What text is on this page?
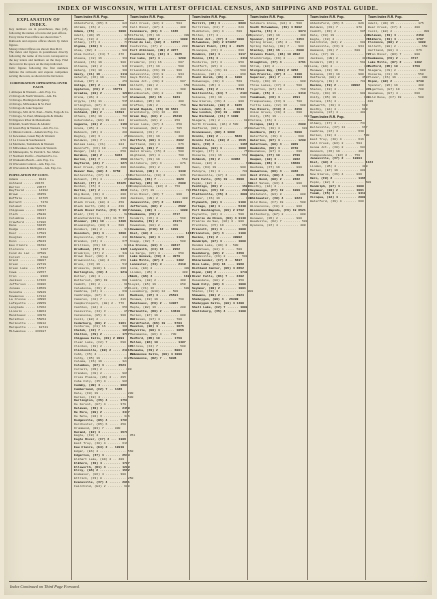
INDEX OF WISCONSIN, WITH LATEST OFFICIAL CENSUS, AND SHIPPING AND POSTAL GUIDE.
EXPLANATION OF INDEX.
Key numbers are in parentheses, thus (18), following the names of towns and post offices.
Every Order Post-Office are shown thus *.
Railroads and express offices shown by index figures.
Money Order Offices are shown thus M.O.
The index and figures in parentheses directly following the name of the town correspond to the key letters and numbers on the map. Find the town in the space on the map indicated.
Italic figures following the first numbers indicate the railroads and express companies serving the town, as shown in the list below.
CORPORATION OPERATING OVER EACH.
1 Ahnapee & Western—Am. Exp. Co.
2 Chicago & North Western—Am. Ex.
3 Chicago, Burlington & Quincy
4 Chicago, Milwaukee & St. Paul
5 Chicago & Lake Superior
6 Chicago, Mil. & St. Paul—Wells, Fargo & Co.
7 Chicago, St. Paul, Minneapolis & Omaha
8 Chippewa River & Menomonie
9 Duluth, South Shore & Atlantic
10 Green Bay & Western—Am. Ex. Co.
11 Illinois Central—American Exp. Co.
12 Kewaunee, Green Bay & Western
13 La Crosse & Southeastern
14 Marinette, Tomahawk & Western
15 Milwaukee, Lake Shore & Western
16 Minneapolis, St. Paul & S. Ste. Marie
17 Northern Pacific—Northern Ex. Co.
18 Waukesha Beach—Am. Exp. Co.
19 Wisconsin Central—Am. Exp. Co.
20 Wisconsin & Michigan—Am. Exp. Co.
POPULATION BY COUN-
Adams ......... 9141
Ashland ..... 20176
Barron ....... 23677
Bayfield ...... 14392
Brown ........ 46359
Buffalo ....... 16765
Burnett ........ 7478
Calumet ...... 17078
Chippewa ..... 33037
Clark ........ 25848
Columbia ..... 31121
Crawford ..... 17286
Dane ......... 69435
Dodge ........ 46631
Door ......... 17583
Douglas ...... 36335
Dunn ......... 25043
Eau Claire ... 31692
Florence ....... 3197
Fond du Lac .. 47589
Forest ......... 6782
Grant ........ 39007
Green ........ 22719
Green Lake ... 15797
Iowa ......... 22657
Iron ........... 8306
Jackson ...... 17466
Jefferson .... 34306
Juneau ....... 19569
Kenosha ...... 32929
Kewaunee ..... 17212
La Crosse .... 43996
Lafayette .... 20959
Langlade ..... 17062
Lincoln ...... 19064
Manitowoc .... 44978
Marathon ..... 55054
Marinette .... 33812
Marquette ..... 10741
Milwaukee ... 433187
Town Index R.R. Pop.
Abbotsford, (D5) 6 ...... 829
Abrams, (F6) 2 .......... 150
Adams, (F6) ........... 1000
Adell, (H9) 15 ........... 175
Afton, (I8) 2 ............ 160
Albany, (I7) 4 ........... 737
Algoma, (E10) 1 ........ 2017
Alma, (D2) 4 ............ 980
Alma Center, (F4) 7 ... 476
Almena, (C2) 16 ......... 360
Almond, (F6) 19 ........ 380
Altoona, (E3) 2 ......... 949
Amberg, (C9) 10 ......... 300
Amery, (C1) 16 ......... 1118
Amherst, (F6) 19 ....... 562
Aniwa, (D7) 2 ........... 250
Antigo, (D7) 2 ........ 7196
Appleton, (F8) 2 ... 16773
Arcadia, (E3) 2 ......... 1200
Arena, (H6) 4 ........... 325
Argyle, (I6) 11 ......... 535
Arlington, (H7) 4 ....... 400
Ashippun, (H8) 4 ....... 200
Ashland, (B4) 2 ..... 11594
Athens, (D6) 19 ......... 796
Auburndale, (E6) 19 ... 424
Augusta, (E3) 2 ........ 1169
Avoca, (H5) 4 ........... 514
Babcock, (E5) 4 ......... 200
Bagley, (H3) 3 ........... 250
Baldwin, (D1) 7 ........ 878
Balsam Lake, (C1) ..... 224
Bancroft, (F6) 19 ....... 250
Bangor, (G4) 4 ......... 650
Baraboo, (G6) 2 ..... 6324
Barron, (C2) 7 ......... 1599
Bayfield, (A4) 7 ....... 1273
Bear Creek, (F7) 4 ..... 400
Beaver Dam, (G8) 4 . 6758
Belleville, (I7) 11 ....... 667
Belmont, (I5) 4 .......... 250
Beloit, (I7) 2 ....... 15125
Benton, (I5) 4 ............ 930
Berlin, (G7) 2 ......... 4636
Big Bend, (I8) 4 ....... 200
Birchwood, (C3) 16 ..... 400
Black Creek, (E8) 2 ... 450
Black Earth, (H6) 4 ... 430
Black River Falls, (F4) 7 1917
Blair, (F3) 8 ............ 626
Blanchardville, (I6) 11 557
Bloomer, (D3) 19 ...... 1406
Bloomington, (H4) 3 ... 600
Bonduel, (E8) 2 .......... 341
Boscobel, (H4) 4 ...... 1608
Boyceville, (D2) 7 ...... 411
Brandon, (G7) 4 ......... 675
Brillion, (F9) 19 ........ 948
Brodhead, (I7) 4 ....... 1426
Brooklyn, (I7) 2 ........ 342
Brown Deer, (H9) 4 .... 200
Brownsville, (G8) 4 .... 250
Bruce, (C3) 16 .......... 516
Brussels, (E10) 1 ...... 200
Burlington, (I8) 4 ..... 3212
Butler, (H9) 4 ............. 250
Butternut, (B5) 19 ...... 600
Cadott, (D3) 2 ........... 605
Caledonia, (I9) 2 ........ 150
Cambria, (G7) 4 ......... 630
Cambridge, (H7) 4 ..... 420
Cameron, (C2) 7 ........ 416
Campbellsport, (G8) 2 . 776
Cashton, (G4) 4 ......... 659
Cassville, (I4) 3 ........ 857
Cazenovia, (G5) 4 ...... 300
Cecil, (E8) 2 ............... 300
Cedarburg, (H9) 2 ..... 1361
Centuria, (C1) 16 ....... 300
Chetek, (C2) 7 .......... 1053
Chilton, (F9) 2 ......... 1717
Chippewa Falls, (D3) 2 8893
Clear Lake, (C2) 7 ..... 690
Clinton, (I8) 2 ............ 937
Clintonville, (E8) 2 .... 2101
Cobb, (I5) 4 ................ 288
Colby, (D5) 19 ........... 842
Coloma, (F6) 19 ......... 324
Columbus, (H7) 4 ...... 2523
Cornell, (D3) 2 ........... 400
Crandon, (C8) 2 ......... 986
Cross Plains, (H6) 4 ... 495
Cuba City, (I5) 4 ....... 906
Cudahy, (H9) 4 ......... 3691
Cumberland, (C2) 7 .. 1445
Dale, (F8) 19 .............. 200
Darien, (I8) 4 ............. 500
Darlington, (I5) 4 ..... 1759
De Forest, (H7) 4 ...... 379
Delavan, (I8) 4 ......... 2450
De Pere, (E9) 2 ......... 4477
De Soto, (G3) 3 .......... 376
Dodgeville, (H5) 4 ..... 1791
Dorchester, (D5) 6 ..... 450
Drummond, (B3) 7 .... 800
Durand, (E2) 4 ......... 1579
Eagle, (I8) 4 ............... 351
Eagle River, (C7) 2 ... 1386
East Troy, (I8) 4 ....... 616
Eau Claire, (E3) 2 .. 18310
Edgar, (E6) 4 .............. 560
Edgerton, (I7) 4 ........ 2513
Elkhart Lake, (G9) 4 .. 400
Elkhorn, (I8) 4 ......... 1707
Ellsworth, (D1) 4 ....... 1208
Elroy, (G5) 2 ........... 1562
Endeavor, (G6) 4 ....... 300
Ettrick, (F3) 8 ............ 250
Evansville, (I7) 4 ...... 2061
Fairchild, (E4) 2 ........ 600
Town Index R.R. Pop.
Fall Creek, (E3) 2 ..... 504
Fall River, (H7) 4 ....... 400
Fennimore, (H4) 4 ... 1165
Fifield, (C5) 19 ........... 300
Florence, (B8) 2 ......... 1000
Fond du Lac, (G8) 2 . 18797
Footville, (I7) 2 ......... 200
Fort Atkinson, (H8) 2 3877
Fountain City, (E2) 4 . 1025
Fox Lake, (G7) 4 ........ 1200
Frederic, (C1) 16 ....... 607
Fremont, (F7) 19 ........ 500
Friendship, (F6) 19 .... 300
Galesville, (F3) 8 ...... 934
Gays Mills, (H4) 4 ..... 450
Genoa Jct., (I8) 2 ....... 687
Gillett, (E8) 2 ............ 650
Gilman, (D4) 16 .......... 300
Glenbeulah, (G9) 2 ..... 300
Glenwood, (D2) 16 .... 1023
Glidden, (B5) 19 ........ 400
Grafton, (H9) 2 .......... 759
Grand Rapids, (F6) 19 6521
Grantsburg, (C1) 16 .. 800
Green Bay, (E9) 2 .... 25236
Greenbush, (G9) 2 ..... 250
Green Lake, (G7) 4 ..... 650
Greenwood, (E4) 2 ...... 785
Hammond, (D1) 7 ....... 600
Hancock, (F6) 19 ........ 400
Hartford, (H8) 4 ....... 2982
Hartland, (H8) 4 ........ 676
Hayward, (B3) 7 ........ 2000
Hazel Green, (I5) 4 ..... 500
Highland, (H5) 4 ........ 700
Hilbert, (F9) 19 .......... 550
Hillsboro, (G5) 4 ........ 876
Holcombe, (D3) 2 ...... 300
Horicon, (H8) 4 ......... 1330
Hortonville, (F8) 2 ...... 936
Hudson, (D1) 7 ......... 3029
Hurley, (B5) 19 ......... 2900
Independence, (E3) 2 .. 750
Iola, (F7) 19 ............... 725
Iron River, (B3) 7 ..... 800
Jackson, (H9) 2 ........... 400
Janesville, (I7) 2 ... 13894
Jefferson, (H8) 2 ....... 2582
Juneau, (H8) 4 ........... 1080
Kaukauna, (F8) 2 ..... 4717
Kendall, (G5) 4 .......... 590
Kenosha, (I9) 2 ...... 21371
Kewaskum, (H8) 2 ..... 469
Kewaunee, (F10) 12 .. 1839
Kiel, (G9) 2 ................ 1124
Kilbourn, (G6) 4 ....... 1120
Knapp, (D2) 7 ............ 500
La Crosse, (G3) 4 ... 30417
Ladysmith, (C4) 16 ... 2352
La Farge, (G5) 4 ........ 650
Lake Geneva, (I8) 4 .. 3079
Lake Mills, (H7) 2 ..... 1402
Lancaster, (I4) 3 ....... 2318
Lena, (E9) 2 ............... 400
Linden, (H5) 4 ............ 400
Lodi, (G6) 4 ............... 1100
Lomira, (G8) 2 ........... 400
Loyal, (E5) 19 ........... 850
Luck, (C1) 16 .............. 600
Luxemburg, (E10) 12 .. 500
Madison, (H7) 4 .... 25531
Manawa, (F8) 19 ......... 760
Manitowoc, (F9) 2 .. 13027
Maple, (B2) 16 ........... 200
Marinette, (D9) 2 ... 14610
Marion, (E7) 19 .......... 800
Markesan, (G7) 4 ....... 700
Marshfield, (E5) 19 ... 5783
Mauston, (G5) 4 ........ 1675
Mayville, (H8) 4 ....... 1855
Mazomanie, (H6) 4 ... 730
Medford, (D5) 19 ...... 1759
Mellen, (B4) 19 ......... 1487
Melrose, (F4) 7 .......... 500
Menasha, (F8) 2 ....... 6081
Menomonee Falls, (H9) 4 1000
Menomonie, (D2) 7 .. 5036
Town Index R.R. Pop.
Merrill, (D6) 4 ........ 8689
Merrillan, (F4) 7 ...... 628
Middleton, (H6) 4 ..... 600
Milton, (I7) 4 ............. 900
Milton Jct., (I7) 4 ... 1000
Milwaukee, (H9) 2 373857
Mineral Point, (I5) 4 . 2925
Minocqua, (C6) 4 ....... 600
Mondovi, (E2) 4 ........ 1317
Monroe, (I6) 4 .......... 4410
Montello, (G7) 4 ....... 850
Montfort, (H5) 4 ........ 600
Monticello, (I6) 11 ..... 500
Mosinee, (E6) 4 ......... 860
Mount Horeb, (H6) 4 .. 1000
Mukwonago, (I8) 4 ..... 560
Muscoda, (H5) 4 ........ 800
Neenah, (F8) 2 ........ 5734
Neillsville, (E4) 7 ..... 2104
Nekoosa, (F6) 19 ........ 900
New Glarus, (I6) 4 ..... 800
New Holstein, (G9) 2 . 1025
New Lisbon, (G5) 4 .... 1040
New London, (F8) 19 . 3000
New Richmond, (C1) 7 1988
Niagara, (C9) 2 ........... 900
North Freedom, (G6) 2 500
Oakfield, (G8) 2 .......... 450
Oconomowoc, (H8) 4 3800
Oconto, (E9) 2 ....... 5629
Oconto Falls, (E9) 2 ... 1535
Omro, (F8) 2 ............ 1366
Onalaska, (G3) 4 ....... 1000
Oregon, (I7) 4 ............ 750
Osceola, (C1) 16 ......... 550
Oshkosh, (F8) 2 .... 33062
Osseo, (E3) 2 .............. 600
Owen, (D4) 19 ........... 900
Palmyra, (I8) 4 .......... 700
Pardeeville, (G7) 4 ..... 800
Park Falls, (C5) 19 ... 2000
Pepin, (E2) 4 ............... 600
Peshtigo, (D9) 2 ......... 1500
Phillips, (C5) 19 ........ 2000
Platteville, (I5) 4 ..... 4000
Plover, (F6) 19 ............ 300
Plymouth, (G9) 4 ....... 3100
Portage, (G6) 4 ........ 5440
Port Washington, (H9) 2 3792
Poynette, (G6) 4 ....... 500
Prairie du Chien, (H3) 4 3149
Prairie du Sac, (G6) 4 . 800
Prentice, (C5) 19 ........ 650
Prescott, (D1) 4 ....... 1000
Princeton, (G7) 4 ...... 1100
Racine, (I9) 2 ...... 38002
Randolph, (G7) 4 ....... 1000
Random Lake, (H9) 2 . 500
Readstown, (G4) 4 ..... 500
Reedsburg, (G5) 2 ..... 2450
Reedsville, (F9) 2 ....... 500
Rhinelander, (C7) 2 .. 5637
Rice Lake, (C3) 16 .... 3968
Richland Center, (H5) 4 2652
Ripon, (G8) 2 ........... 3739
River Falls, (D1) 7 ... 2402
Rosendale, (G8) 2 ...... 350
Sauk City, (G6) 4 ...... 1000
Seymour, (E8) 2 ........ 1091
Sharon, (I8) 4 .............. 800
Shawano, (E8) 2 ....... 2923
Sheboygan, (G9) 4 . 26398
Sheboygan Falls, (G9) 4 1400
Shell Lake, (C2) 7 ...... 1000
Shullsburg, (I5) 4 ..... 1300
Town Index R.R. Pop.
Soldiers Grove, (H4) 4 . 500
South Milwaukee, (I9) 4 6092
Sparta, (F4) 4 .......... 3973
Spencer, (E5) 19 ......... 400
Spooner, (C2) 7 ........ 1453
Spring Green, (H5) 4 .. 700
Spring Valley, (D2) 7 ... 900
Stanley, (D4) 16 ....... 2000
Stevens Point, (E6) 19 8692
Stockbridge, (F9) 2 ..... 400
Stoughton, (I7) 4 ....... 4761
Strum, (E3) 2 .............. 300
Sturgeon Bay, (D10) 2 4262
Sun Prairie, (H7) 4 ... 1100
Superior, (B1) 7 ..... 40384
Thorp, (D4) 16 ........... 900
Three Lakes, (C7) 2 .... 500
Tigerton, (E7) 19 ........ 700
Tomah, (F5) 4 ........... 3419
Tomahawk, (C6) 4 ..... 2291
Trempealeau, (F3) 8 .... 700
Turtle Lake, (C2) 16 ..... 600
Two Rivers, (F10) 2 ... 4850
Union Grove, (I9) 4 .... 600
Unity, (D5) 19 ............. 300
Verona, (I6) 4 ............... 400
Viroqua, (G4) 4 ......... 2000
Walworth, (I8) 4 .......... 600
Washburn, (B4) 7 ...... 5000
Waterford, (I9) 4 ....... 600
Waterloo, (H7) 4 ........ 1200
Watertown, (H8) 4 ... 8829
Waukesha, (H8) 4 .... 8740
Waunakee, (H7) 4 ....... 600
Waupaca, (F7) 19 ..... 2789
Waupun, (G8) 4 ....... 3362
Wausau, (D6) 4 ...... 16560
Wautoma, (F7) 19 ....... 800
Wauwatosa, (H9) 4 ... 3346
West Allis, (H9) 4 ..... 6645
West Bend, (H8) 2 .... 2462
West Salem, (G3) 4 ..... 800
Westby, (G4) 4 ............ 900
Weyauwega, (F7) 19 ... 1000
Whitehall, (E3) 8 ........ 800
Whitewater, (I8) 4 .... 3224
Wild Rose, (F7) 19 ....... 500
Winneconne, (F8) 2 ..... 800
Wisconsin Rapids, (F6) 19 6521
Wittenberg, (E7) 2 ....... 800
Wonewoc, (G5) 2 ........ 900
Woodville, (D2) 7 ......... 500
Wyocena, (G7) 4 .......... 400
Town Index R.R. Pop.
Abbotsford, (D5) 6 ...... 829
Baldwin, (D1) 7 ........ 878
Cadott, (D3) 2 ........... 605
Dale, (F8) 19 .............. 200
Eagle, (I8) 4 ............... 351
Fairchild, (E4) 2 ........ 600
Galesville, (F3) 8 ...... 934
Hammond, (D1) 7 ....... 600
Iola, (F7) 19 ............... 725
Jackson, (H9) 2 ........... 400
Kendall, (G5) 4 .......... 590
Lena, (E9) 2 ............... 400
Manawa, (F8) 19 ......... 760
Nekoosa, (F6) 19 ........ 900
Oakfield, (G8) 2 .......... 450
Palmyra, (I8) 4 .......... 700
Racine, (I9) 2 ...... 38002
Sharon, (I8) 4 .............. 800
Thorp, (D4) 16 ........... 900
Unity, (D5) 19 ............. 300
Verona, (I6) 4 ............... 400
Walworth, (I8) 4 .......... 600
Westby, (G4) 4 ............ 900
Wyocena, (G7) 4 .......... 400
Town Index R.R. Pop.
Albany, (I7) 4 ........... 737
Belleville, (I7) 11 ....... 667
Cambria, (G7) 4 ......... 630
Darien, (I8) 4 ............. 500
East Troy, (I8) 4 ....... 616
Fall Creek, (E3) 2 ..... 504
Genoa Jct., (I8) 2 ....... 687
Hancock, (F6) 19 ........ 400
Independence, (E3) 2 .. 750
Janesville, (I7) 2 ... 13894
Kiel, (G9) 2 ................ 1124
Linden, (H5) 4 ............ 400
Marion, (E7) 19 .......... 800
New Glarus, (I6) 4 ..... 800
Omro, (F8) 2 ............ 1366
Pepin, (E2) 4 ............... 600
Randolph, (G7) 4 ....... 1000
Seymour, (E8) 2 ........ 1091
Tomah, (F5) 4 ........... 3419
Viroqua, (G4) 4 ......... 2000
Waterford, (I9) 4 ....... 600
Town Index R.R. Pop.
Adell, (H9) 15 ........... 175
Bear Creek, (F7) 4 ..... 400
Cecil, (E8) 2 ............... 300
Delavan, (I8) 4 ......... 2450
Elkhorn, (I8) 4 ......... 1707
Florence, (B8) 2 ......... 1000
Gillett, (E8) 2 ............ 650
Hartland, (H8) 4 ........ 676
Iron River, (B3) 7 ..... 800
Kaukauna, (F8) 2 ..... 4717
Lake Mills, (H7) 2 ..... 1402
Medford, (D5) 19 ...... 1759
Niagara, (C9) 2 ........... 900
Osceola, (C1) 16 ......... 550
Plover, (F6) 19 ............ 300
Ripon, (G8) 2 ........... 3739
Spencer, (E5) 19 ......... 400
Tigerton, (E7) 19 ........ 700
Waunakee, (H7) 4 ....... 600
Wild Rose, (F7) 19 ....... 500
Index Continued on Third Page Forward.
